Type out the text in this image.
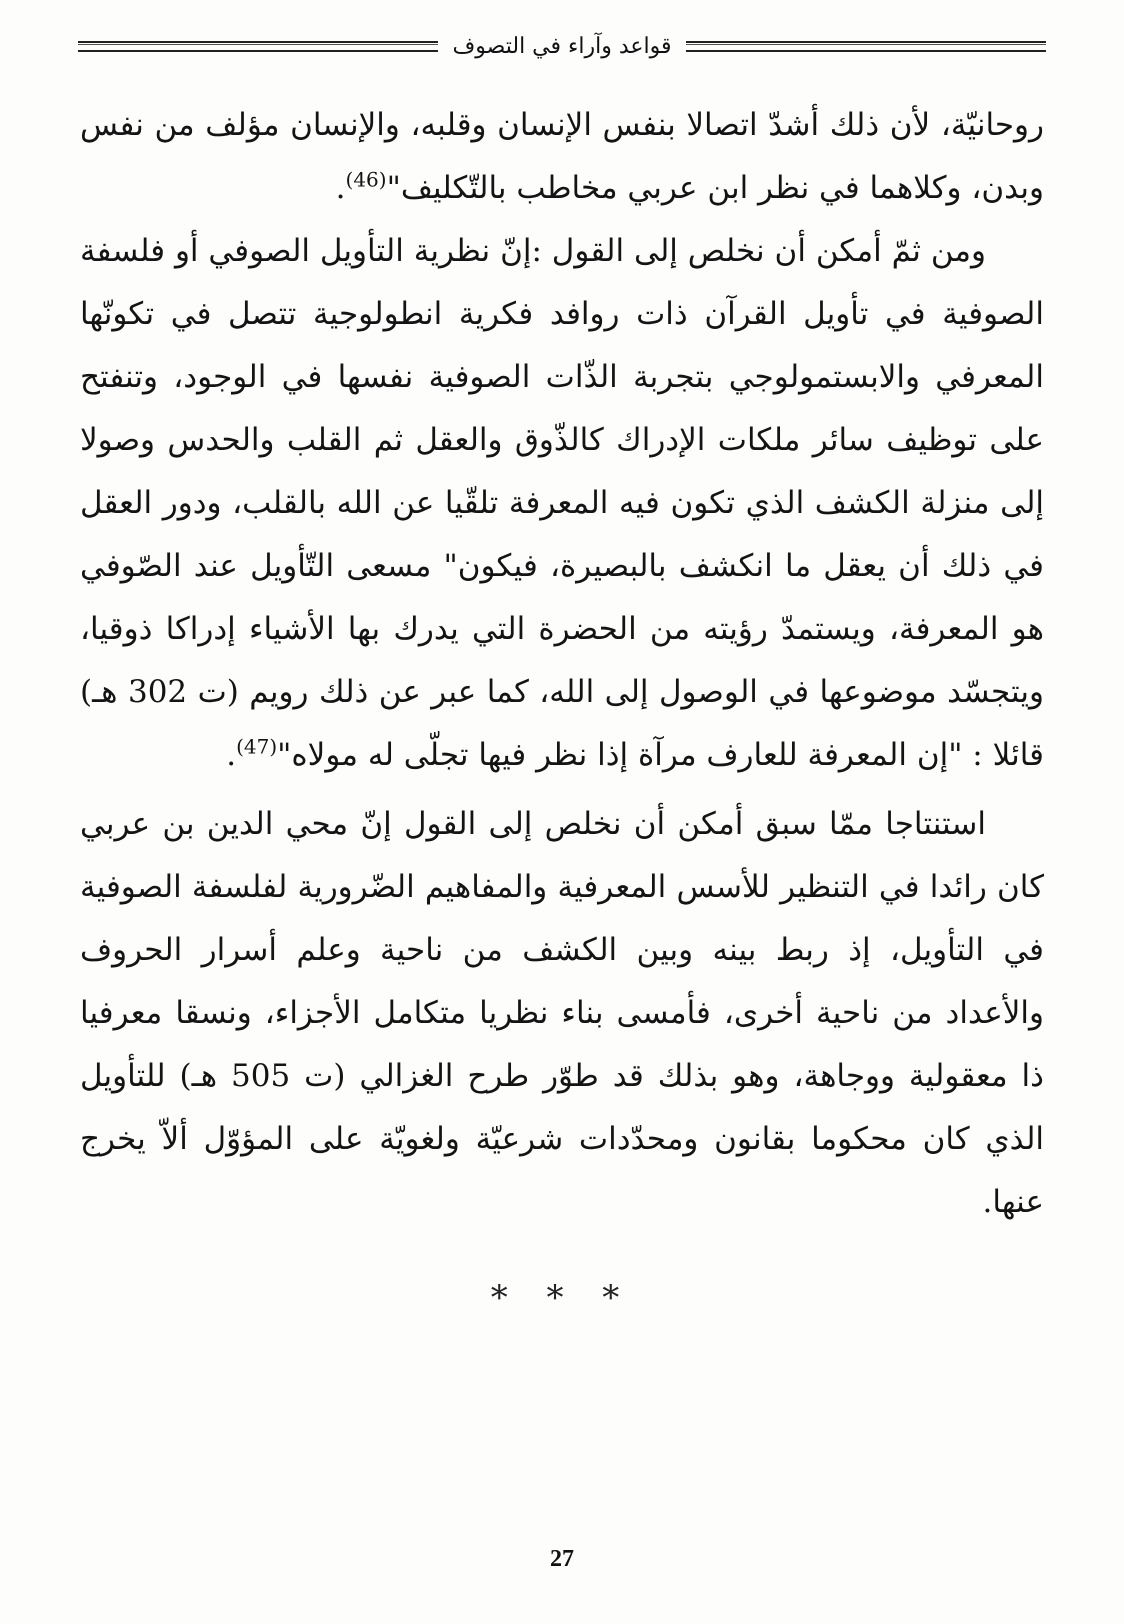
قواعد وآراء في التصوف

روحانيّة، لأن ذلك أشدّ اتصالا بنفس الإنسان وقلبه، والإنسان مؤلف من نفس وبدن، وكلاهما في نظر ابن عربي مخاطب بالتّكليف"$^{(46)}$.

ومن ثمّ أمكن أن نخلص إلى القول :إنّ نظرية التأويل الصوفي أو فلسفة الصوفية في تأويل القرآن ذات روافد فكرية انطولوجية تتصل في تكونّها المعرفي والابستمولوجي بتجربة الذّات الصوفية نفسها في الوجود، وتنفتح على توظيف سائر ملكات الإدراك كالذّوق والعقل ثم القلب والحدس وصولا إلى منزلة الكشف الذي تكون فيه المعرفة تلقّيا عن الله بالقلب، ودور العقل في ذلك أن يعقل ما انكشف بالبصيرة، فيكون" مسعى التّأويل عند الصّوفي هو المعرفة، ويستمدّ رؤيته من الحضرة التي يدرك بها الأشياء إدراكا ذوقيا، ويتجسّد موضوعها في الوصول إلى الله، كما عبر عن ذلك رويم (ت 302 هـ) قائلا : "إن المعرفة للعارف مرآة إذا نظر فيها تجلّى له مولاه"$^{(47)}$.

استنتاجا ممّا سبق أمكن أن نخلص إلى القول إنّ محي الدين بن عربي كان رائدا في التنظير للأسس المعرفية والمفاهيم الضّرورية لفلسفة الصوفية في التأويل، إذ ربط بينه وبين الكشف من ناحية وعلم أسرار الحروف والأعداد من ناحية أخرى، فأمسى بناء نظريا متكامل الأجزاء، ونسقا معرفيا ذا معقولية ووجاهة، وهو بذلك قد طوّر طرح الغزالي (ت 505 هـ) للتأويل الذي كان محكوما بقانون ومحدّدات شرعيّة ولغويّة على المؤوّل ألاّ يخرج عنها.

* * *
27
